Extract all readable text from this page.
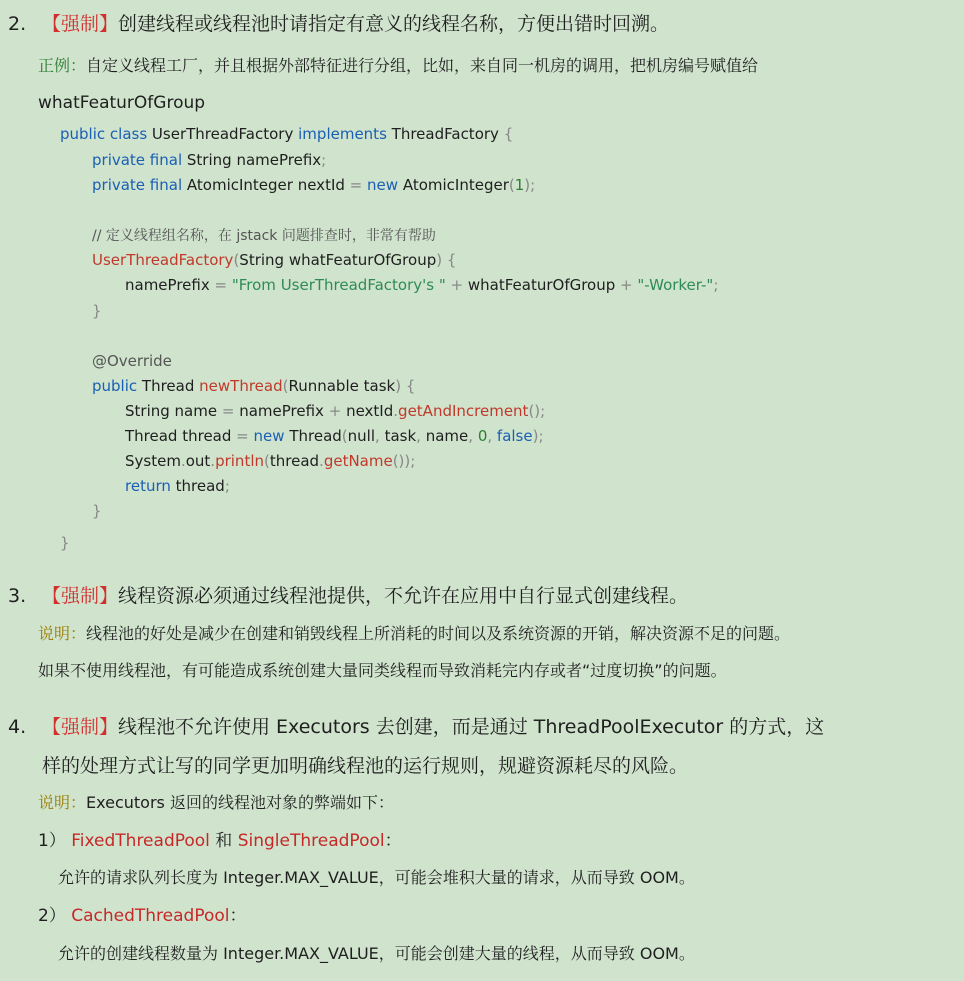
2. 【强制】创建线程或线程池时请指定有意义的线程名称，方便出错时回溯。
正例：自定义线程工厂，并且根据外部特征进行分组，比如，来自同一机房的调用，把机房编号赋值给
whatFeaturOfGroup
public class UserThreadFactory implements ThreadFactory {
private final String namePrefix;
private final AtomicInteger nextId = new AtomicInteger(1);
// 定义线程组名称，在 jstack 问题排查时，非常有帮助
UserThreadFactory(String whatFeaturOfGroup) {
namePrefix = "From UserThreadFactory's " + whatFeaturOfGroup + "-Worker-";
}
@Override
public Thread newThread(Runnable task) {
String name = namePrefix + nextId.getAndIncrement();
Thread thread = new Thread(null, task, name, 0, false);
System.out.println(thread.getName());
return thread;
}
}
3. 【强制】线程资源必须通过线程池提供，不允许在应用中自行显式创建线程。
说明：线程池的好处是减少在创建和销毁线程上所消耗的时间以及系统资源的开销，解决资源不足的问题。
如果不使用线程池，有可能造成系统创建大量同类线程而导致消耗完内存或者“过度切换”的问题。
4. 【强制】线程池不允许使用 Executors 去创建，而是通过 ThreadPoolExecutor 的方式，这
样的处理方式让写的同学更加明确线程池的运行规则，规避资源耗尽的风险。
说明：Executors 返回的线程池对象的弊端如下：
1） FixedThreadPool 和 SingleThreadPool：
允许的请求队列长度为 Integer.MAX_VALUE，可能会堆积大量的请求，从而导致 OOM。
2） CachedThreadPool：
允许的创建线程数量为 Integer.MAX_VALUE，可能会创建大量的线程，从而导致 OOM。
